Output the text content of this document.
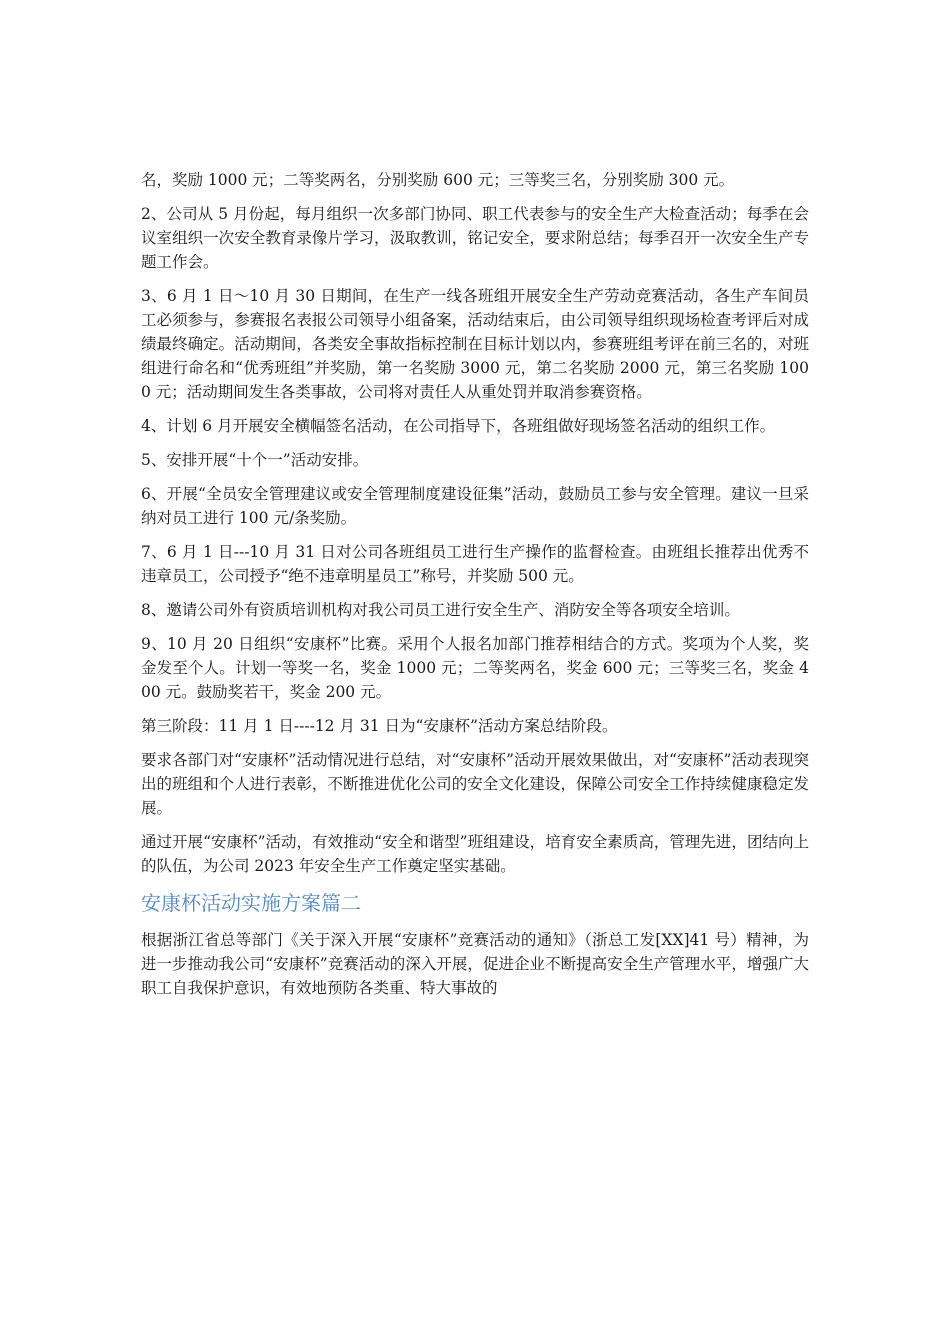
名，奖励 1000 元；二等奖两名，分别奖励 600 元；三等奖三名，分别奖励 300 元。

2、公司从 5 月份起，每月组织一次多部门协同、职工代表参与的安全生产大检查活动；每季在会议室组织一次安全教育录像片学习，汲取教训，铭记安全，要求附总结；每季召开一次安全生产专题工作会。

3、6 月 1 日～10 月 30 日期间，在生产一线各班组开展安全生产劳动竞赛活动，各生产车间员工必须参与，参赛报名表报公司领导小组备案，活动结束后，由公司领导组织现场检查考评后对成绩最终确定。活动期间，各类安全事故指标控制在目标计划以内，参赛班组考评在前三名的，对班组进行命名和“优秀班组”并奖励，第一名奖励 3000 元，第二名奖励 2000 元，第三名奖励 1000 元；活动期间发生各类事故，公司将对责任人从重处罚并取消参赛资格。

4、计划 6 月开展安全横幅签名活动，在公司指导下，各班组做好现场签名活动的组织工作。

5、安排开展“十个一”活动安排。

6、开展“全员安全管理建议或安全管理制度建设征集”活动，鼓励员工参与安全管理。建议一旦采纳对员工进行 100 元/条奖励。

7、6 月 1 日---10 月 31 日对公司各班组员工进行生产操作的监督检查。由班组长推荐出优秀不违章员工，公司授予“绝不违章明星员工”称号，并奖励 500 元。

8、邀请公司外有资质培训机构对我公司员工进行安全生产、消防安全等各项安全培训。

9、10 月 20 日组织“安康杯”比赛。采用个人报名加部门推荐相结合的方式。奖项为个人奖，奖金发至个人。计划一等奖一名，奖金 1000 元；二等奖两名，奖金 600 元；三等奖三名，奖金 400 元。鼓励奖若干，奖金 200 元。

第三阶段：11 月 1 日----12 月 31 日为“安康杯”活动方案总结阶段。

要求各部门对“安康杯”活动情况进行总结，对“安康杯”活动开展效果做出，对“安康杯”活动表现突出的班组和个人进行表彰，不断推进优化公司的安全文化建设，保障公司安全工作持续健康稳定发展。

通过开展“安康杯”活动，有效推动“安全和谐型”班组建设，培育安全素质高，管理先进，团结向上的队伍，为公司 2023 年安全生产工作奠定坚实基础。

安康杯活动实施方案篇二

根据浙江省总等部门《关于深入开展“安康杯”竞赛活动的通知》（浙总工发[XX]41 号）精神，为进一步推动我公司“安康杯”竞赛活动的深入开展，促进企业不断提高安全生产管理水平，增强广大职工自我保护意识，有效地预防各类重、特大事故的
